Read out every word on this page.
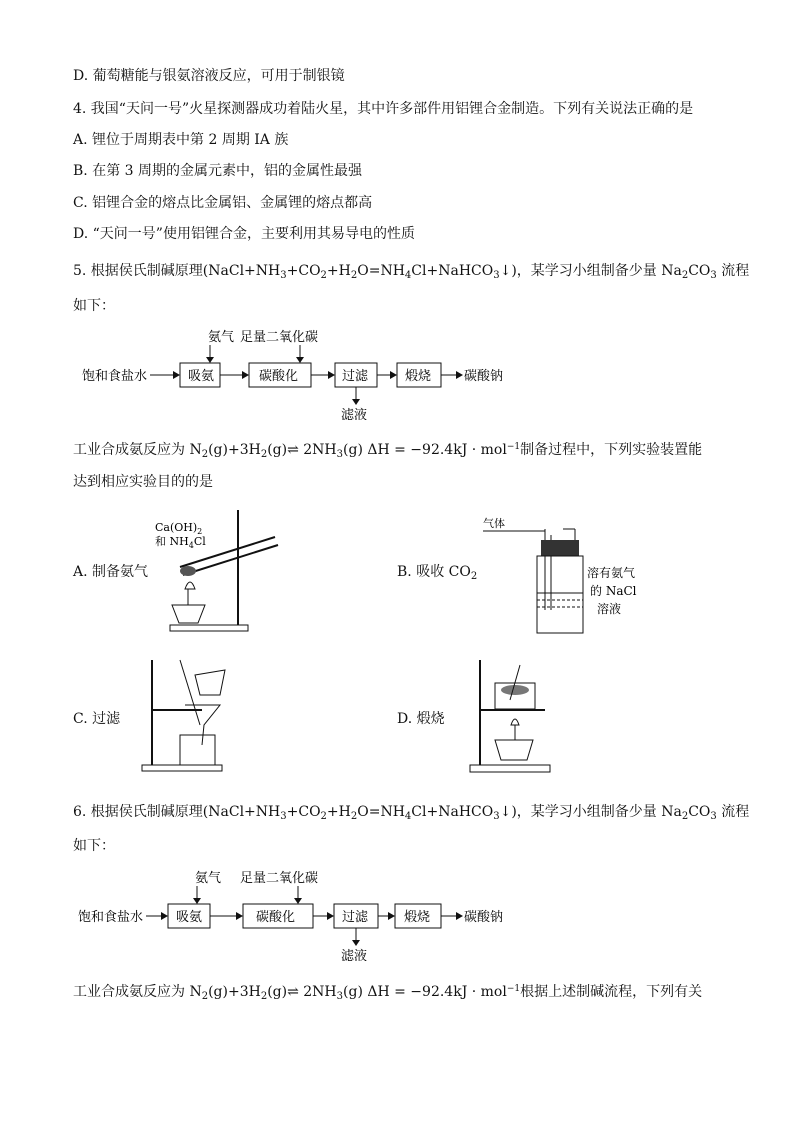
D. 葡萄糖能与银氨溶液反应，可用于制银镜
4. 我国“天问一号”火星探测器成功着陆火星，其中许多部件用铝锂合金制造。下列有关说法正确的是
A. 锂位于周期表中第 2 周期 IA 族
B. 在第 3 周期的金属元素中，铝的金属性最强
C. 铝锂合金的熔点比金属铝、金属锂的熔点都高
D. “天问一号”使用铝锂合金，主要利用其易导电的性质
5. 根据侯氏制碱原理$(NaCl+NH_3+CO_2+H_2O=NH_4Cl+NaHCO_3↓)$，某学习小组制备少量 $Na_2CO_3$ 流程
如下：
氨气 足量二氧化碳
饱和食盐水	吸氨	碳酸化	过滤	煅烧	碳酸钠
滤液
工业合成氨反应为 $N_2(g)+3H_2(g)\rightleftharpoons$ $2NH_3(g) \Delta H = -92.4kJ \cdot mol^{-1}$制备过程中，下列实验装置能
达到相应实验目的的是
A. 制备氨气
$Ca(OH)_2$
和 $NH_4Cl$
B. 吸收 $CO_2$
气体
溶有氨气
的 NaCl
溶液
C. 过滤	D. 煅烧
6. 根据侯氏制碱原理$(NaCl+NH_3+CO_2+H_2O=NH_4Cl+NaHCO_3↓)$，某学习小组制备少量 $Na_2CO_3$ 流程
如下：
氨气 足量二氧化碳
饱和食盐水	吸氨	碳酸化	过滤	煅烧	碳酸钠
滤液
工业合成氨反应为 $N_2(g)+3H_2(g)\rightleftharpoons$ $2NH_3(g) \Delta H = -92.4kJ \cdot mol^{-1}$根据上述制碱流程，下列有关
